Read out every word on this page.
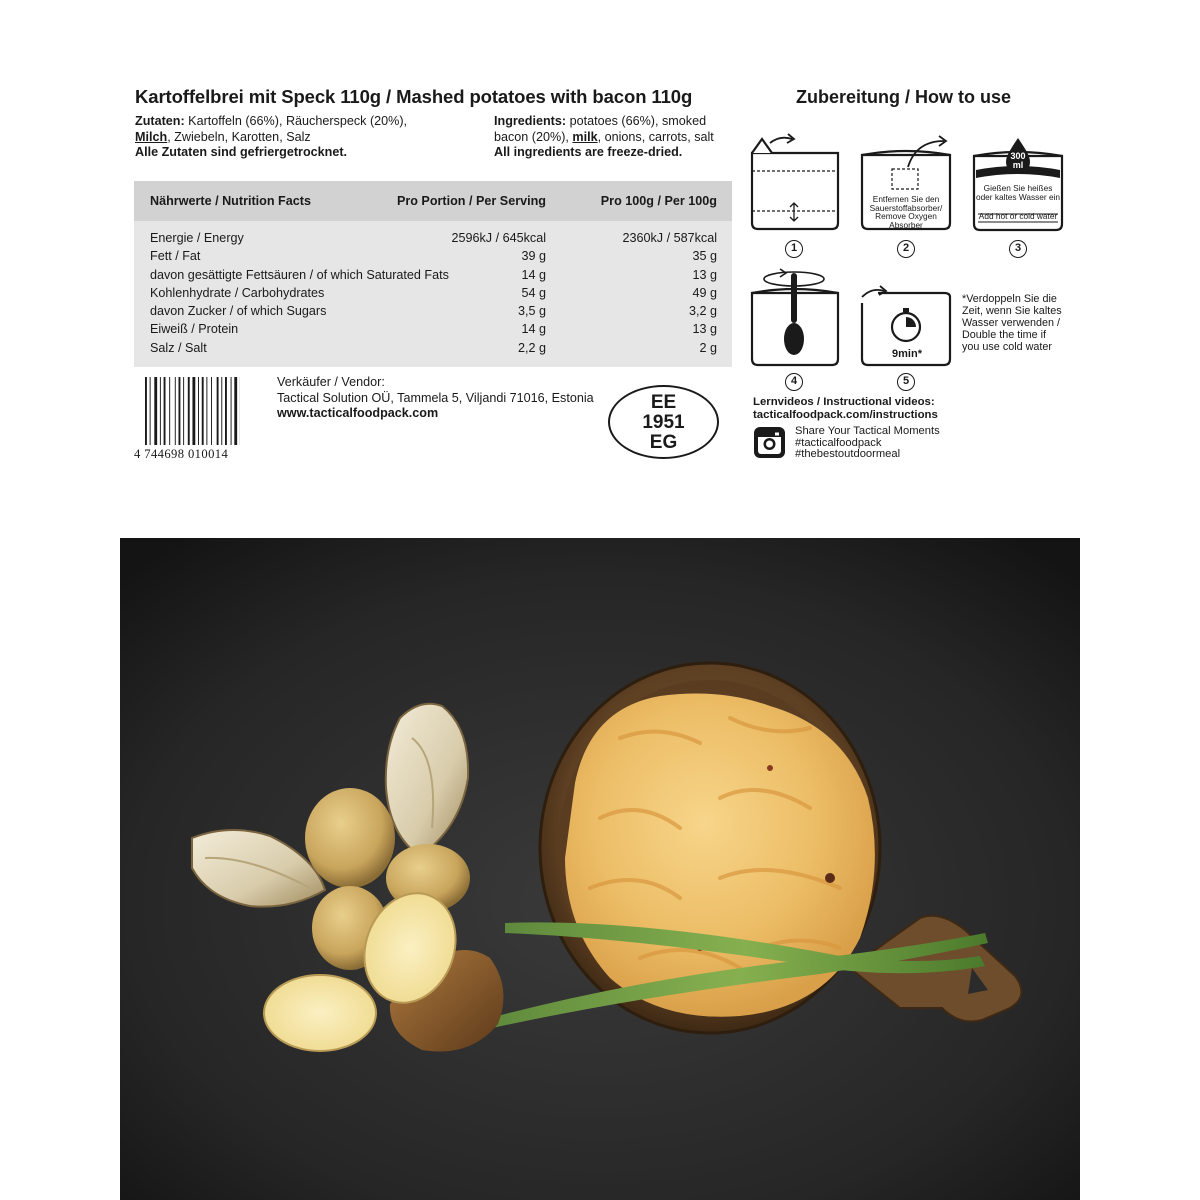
Kartoffelbrei mit Speck 110g / Mashed potatoes with bacon 110g
Zutaten: Kartoffeln (66%), Räucherspeck (20%),
Milch, Zwiebeln, Karotten, Salz
Alle Zutaten sind gefriergetrocknet.
Ingredients: potatoes (66%), smoked bacon (20%), milk, onions, carrots, salt
All ingredients are freeze-dried.
Nährwerte / Nutrition Facts	Pro Portion / Per Serving	Pro 100g / Per 100g
Energie / Energy	2596kJ / 645kcal	2360kJ / 587kcal
Fett / Fat	39 g	35 g
davon gesättigte Fettsäuren / of which Saturated Fats	14 g	13 g
Kohlenhydrate / Carbohydrates	54 g	49 g
davon Zucker / of which Sugars	3,5 g	3,2 g
Eiweiß / Protein	14 g	13 g
Salz / Salt	2,2 g	2 g
4 744698 010014
Verkäufer / Vendor:
Tactical Solution OÜ, Tammela 5, Viljandi 71016, Estonia
www.tacticalfoodpack.com	EE
1951
EG
Zubereitung / How to use
1
Entfernen Sie den
Sauerstoffabsorber/
Remove Oxygen
Absorber
2
300
ml
Gießen Sie heißes
oder kaltes Wasser ein
Add hot or cold water
3
4
9min*
5
*Verdoppeln Sie die
Zeit, wenn Sie kaltes
Wasser verwenden /
Double the time if
you use cold water
Lernvideos / Instructional videos:
tacticalfoodpack.com/instructions
Share Your Tactical Moments
#tacticalfoodpack
#thebestoutdoormeal
